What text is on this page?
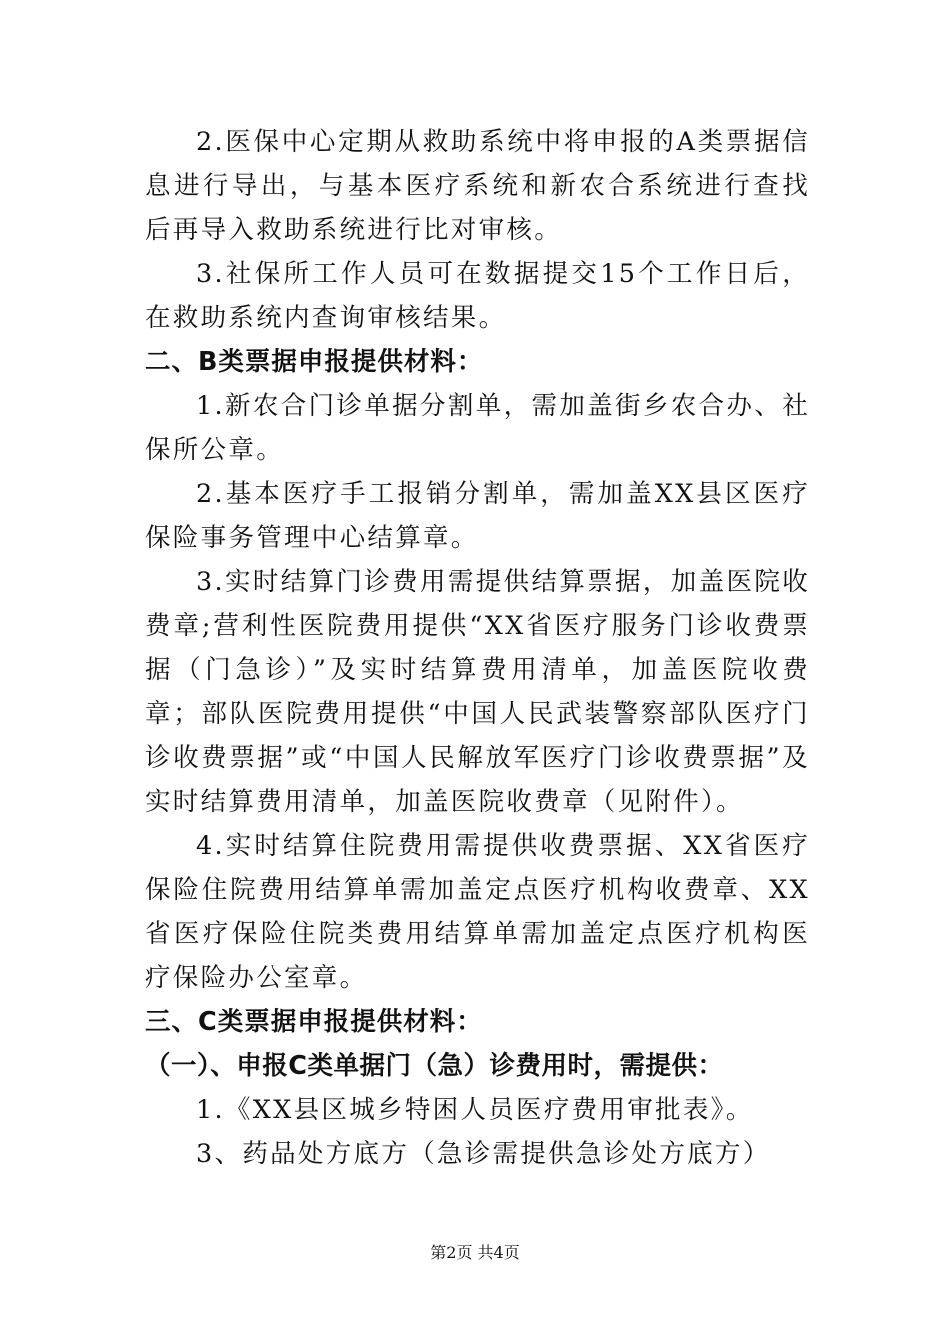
2.医保中心定期从救助系统中将申报的A类票据信息进行导出，与基本医疗系统和新农合系统进行查找后再导入救助系统进行比对审核。

3.社保所工作人员可在数据提交15个工作日后，在救助系统内查询审核结果。

二、B类票据申报提供材料：

1.新农合门诊单据分割单，需加盖街乡农合办、社保所公章。

2.基本医疗手工报销分割单，需加盖XX县区医疗保险事务管理中心结算章。

3.实时结算门诊费用需提供结算票据，加盖医院收费章;营利性医院费用提供“XX省医疗服务门诊收费票据（门急诊）”及实时结算费用清单，加盖医院收费章；部队医院费用提供“中国人民武装警察部队医疗门诊收费票据”或“中国人民解放军医疗门诊收费票据”及实时结算费用清单，加盖医院收费章（见附件）。

4.实时结算住院费用需提供收费票据、XX省医疗保险住院费用结算单需加盖定点医疗机构收费章、XX省医疗保险住院类费用结算单需加盖定点医疗机构医疗保险办公室章。

三、C类票据申报提供材料：

（一）、申报C类单据门（急）诊费用时，需提供：

1.《XX县区城乡特困人员医疗费用审批表》。

3、药品处方底方（急诊需提供急诊处方底方）

第2页 共4页
